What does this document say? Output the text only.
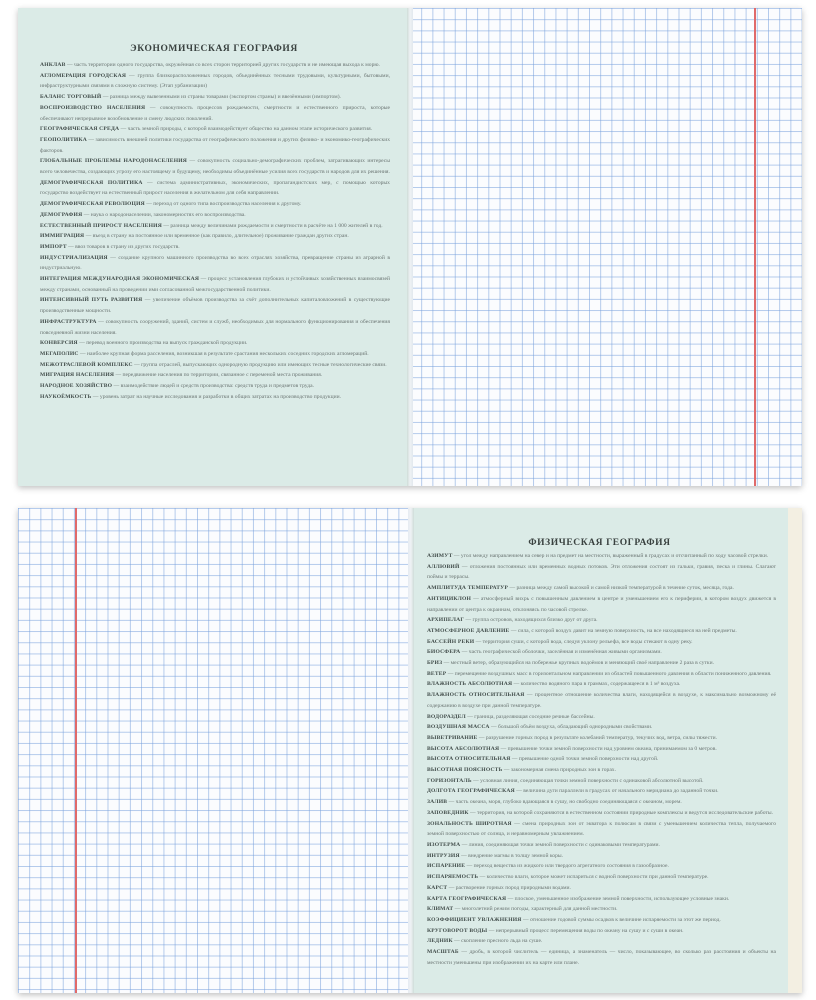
ЭКОНОМИЧЕСКАЯ ГЕОГРАФИЯ

АНКЛАВ — часть территории одного государства, окружённая со всех сторон территорией других государств и не имеющая выхода к морю.

АГЛОМЕРАЦИЯ ГОРОДСКАЯ — группа близкорасположенных городов, объединённых тесными трудовыми, культурными, бытовыми, инфраструктурными связями в сложную систему. (Этап урбанизации)

БАЛАНС ТОРГОВЫЙ — разница между вывезенными из страны товарами (экспортом страны) и ввезёнными (импортом).

ВОСПРОИЗВОДСТВО НАСЕЛЕНИЯ — совокупность процессов рождаемости, смертности и естественного прироста, которые обеспечивают непрерывное возобновление и смену людских поколений.

ГЕОГРАФИЧЕСКАЯ СРЕДА — часть земной природы, с которой взаимодействует общество на данном этапе исторического развития.

ГЕОПОЛИТИКА — зависимость внешней политики государства от географического положения и других физико- и экономико-географических факторов.

ГЛОБАЛЬНЫЕ ПРОБЛЕМЫ НАРОДОНАСЕЛЕНИЯ — совокупность социально-демографических проблем, затрагивающих интересы всего человечества, создающих угрозу его настоящему и будущему, необходимы объединённые усилия всех государств и народов для их решения.

ДЕМОГРАФИЧЕСКАЯ ПОЛИТИКА — система административных, экономических, пропагандистских мер, с помощью которых государство воздействует на естественный прирост населения в желательном для себя направлении.

ДЕМОГРАФИЧЕСКАЯ РЕВОЛЮЦИЯ — переход от одного типа воспроизводства населения к другому.

ДЕМОГРАФИЯ — наука о народонаселении, закономерностях его воспроизводства.

ЕСТЕСТВЕННЫЙ ПРИРОСТ НАСЕЛЕНИЯ — разница между величинами рождаемости и смертности в расчёте на 1 000 жителей в год.

ИММИГРАЦИЯ — въезд в страну на постоянное или временное (как правило, длительное) проживание граждан других стран.

ИМПОРТ — ввоз товаров в страну из других государств.

ИНДУСТРИАЛИЗАЦИЯ — создание крупного машинного производства во всех отраслях хозяйства, превращение страны из аграрной в индустриальную.

ИНТЕГРАЦИЯ МЕЖДУНАРОДНАЯ ЭКОНОМИЧЕСКАЯ — процесс установления глубоких и устойчивых хозяйственных взаимосвязей между странами, основанный на проведении ими согласованной межгосударственной политики.

ИНТЕНСИВНЫЙ ПУТЬ РАЗВИТИЯ — увеличение объёмов производства за счёт дополнительных капиталовложений в существующие производственные мощности.

ИНФРАСТРУКТУРА — совокупность сооружений, зданий, систем и служб, необходимых для нормального функционирования и обеспечения повседневной жизни населения.

КОНВЕРСИЯ — перевод военного производства на выпуск гражданской продукции.

МЕГАПОЛИС — наиболее крупная форма расселения, возникшая в результате срастания нескольких соседних городских агломераций.

МЕЖОТРАСЛЕВОЙ КОМПЛЕКС — группа отраслей, выпускающих однородную продукцию или имеющих тесные технологические связи.

МИГРАЦИЯ НАСЕЛЕНИЯ — передвижение населения по территории, связанное с переменой места проживания.

НАРОДНОЕ ХОЗЯЙСТВО — взаимодействие людей и средств производства: средств труда и предметов труда.

НАУКОЁМКОСТЬ — уровень затрат на научные исследования и разработки в общих затратах на производство продукции.

ФИЗИЧЕСКАЯ ГЕОГРАФИЯ

АЗИМУТ — угол между направлением на север и на предмет на местности, выраженный в градусах и отсчитанный по ходу часовой стрелки.

АЛЛЮВИЙ — отложения постоянных или временных водных потоков. Эти отложения состоят из гальки, гравия, песка и глины. Слагают поймы и террасы.

АМПЛИТУДА ТЕМПЕРАТУР — разница между самой высокой и самой низкой температурой в течение суток, месяца, года.

АНТИЦИКЛОН — атмосферный вихрь с повышенным давлением в центре и уменьшением его к периферии, в котором воздух движется в направлении от центра к окраинам, отклоняясь по часовой стрелке.

АРХИПЕЛАГ — группа островов, находящихся близко друг от друга.

АТМОСФЕРНОЕ ДАВЛЕНИЕ — сила, с которой воздух давит на земную поверхность, на все находящиеся на ней предметы.

БАССЕЙН РЕКИ — территория суши, с которой вода, следуя уклону рельефа, все воды стекают в одну реку.

БИОСФЕРА — часть географической оболочки, заселённая и изменённая живыми организмами.

БРИЗ — местный ветер, образующийся на побережье крупных водоёмов и меняющий своё направление 2 раза в сутки.

ВЕТЕР — перемещение воздушных масс в горизонтальном направлении из областей повышенного давления в области пониженного давления.

ВЛАЖНОСТЬ АБСОЛЮТНАЯ — количество водяного пара в граммах, содержащееся в 1 м³ воздуха.

ВЛАЖНОСТЬ ОТНОСИТЕЛЬНАЯ — процентное отношение количества влаги, находящейся в воздухе, к максимально возможному её содержанию в воздухе при данной температуре.

ВОДОРАЗДЕЛ — граница, разделяющая соседние речные бассейны.

ВОЗДУШНАЯ МАССА — большой объём воздуха, обладающий однородными свойствами.

ВЫВЕТРИВАНИЕ — разрушение горных пород в результате колебаний температур, текучих вод, ветра, силы тяжести.

ВЫСОТА АБСОЛЮТНАЯ — превышение точки земной поверхности над уровнем океана, принимаемом за 0 метров.

ВЫСОТА ОТНОСИТЕЛЬНАЯ — превышение одной точки земной поверхности над другой.

ВЫСОТНАЯ ПОЯСНОСТЬ — закономерная смена природных зон в горах.

ГОРИЗОНТАЛЬ — условная линия, соединяющая точки земной поверхности с одинаковой абсолютной высотой.

ДОЛГОТА ГЕОГРАФИЧЕСКАЯ — величина дуги параллели в градусах от начального меридиана до заданной точки.

ЗАЛИВ — часть океана, моря, глубоко вдающаяся в сушу, но свободно соединяющаяся с океаном, морем.

ЗАПОВЕДНИК — территория, на которой сохраняются в естественном состоянии природные комплексы и ведутся исследовательские работы.

ЗОНАЛЬНОСТЬ ШИРОТНАЯ — смена природных зон от экватора к полюсам в связи с уменьшением количества тепла, получаемого земной поверхностью от солнца, и неравномерным увлажнением.

ИЗОТЕРМА — линия, соединяющая точки земной поверхности с одинаковыми температурами.

ИНТРУЗИЯ — внедрение магмы в толщу земной коры.

ИСПАРЕНИЕ — переход вещества из жидкого или твердого агрегатного состояния в газообразное.

ИСПАРЯЕМОСТЬ — количество влаги, которое может испариться с водной поверхности при данной температуре.

КАРСТ — растворение горных пород природными водами.

КАРТА ГЕОГРАФИЧЕСКАЯ — плоское, уменьшенное изображение земной поверхности, использующее условные знаки.

КЛИМАТ — многолетний режим погоды, характерный для данной местности.

КОЭФФИЦИЕНТ УВЛАЖНЕНИЯ — отношение годовой суммы осадков к величине испаряемости за этот же период.

КРУГОВОРОТ ВОДЫ — непрерывный процесс перемещения воды по океану на сушу и с суши в океан.

ЛЕДНИК — скопление пресного льда на суше.

МАСШТАБ — дробь, в которой числитель — единица, а знаменатель — число, показывающее, во сколько раз расстояния и объекты на местности уменьшены при изображении их на карте или плане.
